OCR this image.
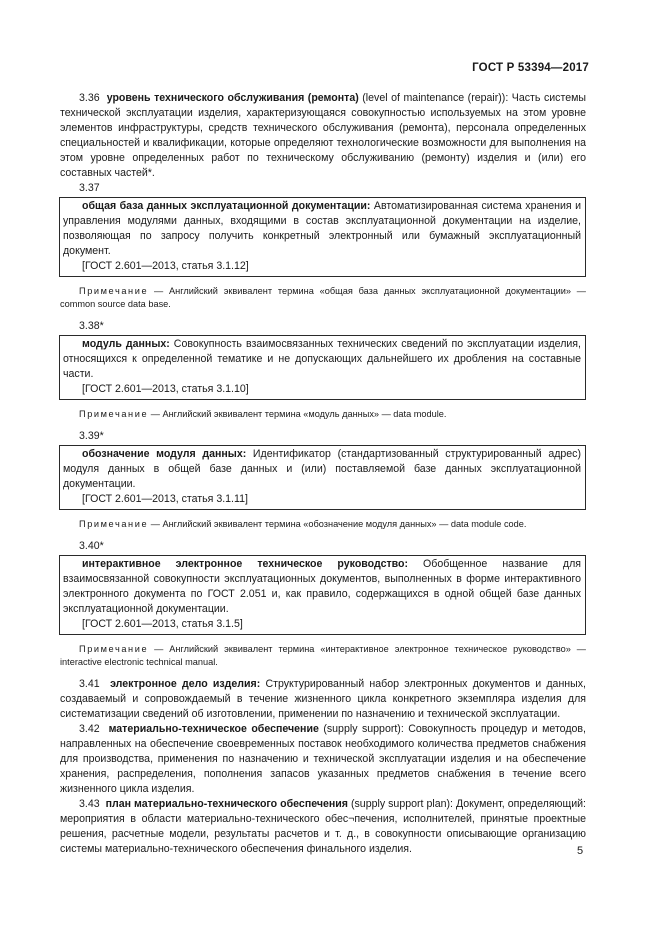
ГОСТ Р 53394—2017

3.36 уровень технического обслуживания (ремонта) (level of maintenance (repair)): Часть системы технической эксплуатации изделия, характеризующаяся совокупностью используемых на этом уровне элементов инфраструктуры, средств технического обслуживания (ремонта), персонала определенных специальностей и квалификации, которые определяют технологические возможности для выполнения на этом уровне определенных работ по техническому обслуживанию (ремонту) изделия и (или) его составных частей*.

3.37

общая база данных эксплуатационной документации: Автоматизированная система хранения и управления модулями данных, входящими в состав эксплуатационной документации на изделие, позволяющая по запросу получить конкретный электронный или бумажный эксплуатационный документ.

[ГОСТ 2.601—2013, статья 3.1.12]

Примечание — Английский эквивалент термина «общая база данных эксплуатационной документации» — common source data base.

3.38*

модуль данных: Совокупность взаимосвязанных технических сведений по эксплуатации изделия, относящихся к определенной тематике и не допускающих дальнейшего их дробления на составные части.

[ГОСТ 2.601—2013, статья 3.1.10]

Примечание — Английский эквивалент термина «модуль данных» — data module.

3.39*

обозначение модуля данных: Идентификатор (стандартизованный структурированный адрес) модуля данных в общей базе данных и (или) поставляемой базе данных эксплуатационной документации.

[ГОСТ 2.601—2013, статья 3.1.11]

Примечание — Английский эквивалент термина «обозначение модуля данных» — data module code.

3.40*

интерактивное электронное техническое руководство: Обобщенное название для взаимосвязанной совокупности эксплуатационных документов, выполненных в форме интерактивного электронного документа по ГОСТ 2.051 и, как правило, содержащихся в одной общей базе данных эксплуатационной документации.

[ГОСТ 2.601—2013, статья 3.1.5]

Примечание — Английский эквивалент термина «интерактивное электронное техническое руководство» — interactive electronic technical manual.

3.41 электронное дело изделия: Структурированный набор электронных документов и данных, создаваемый и сопровождаемый в течение жизненного цикла конкретного экземпляра изделия для систематизации сведений об изготовлении, применении по назначению и технической эксплуатации.

3.42 материально-техническое обеспечение (supply support): Совокупность процедур и методов, направленных на обеспечение своевременных поставок необходимого количества предметов снабжения для производства, применения по назначению и технической эксплуатации изделия и на обеспечение хранения, распределения, пополнения запасов указанных предметов снабжения в течение всего жизненного цикла изделия.

3.43 план материально-технического обеспечения (supply support plan): Документ, определяющий: мероприятия в области материально-технического обес¬печения, исполнителей, принятые проектные решения, расчетные модели, результаты расчетов и т. д., в совокупности описывающие организацию системы материально-технического обеспечения финального изделия.	5
